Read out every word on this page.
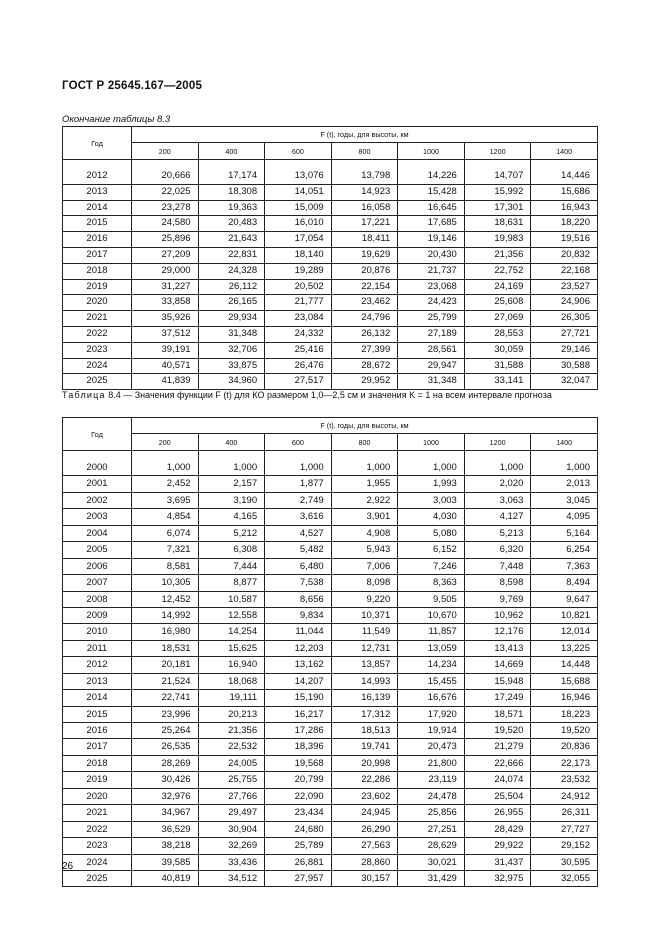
ГОСТ Р 25645.167—2005
Окончание таблицы 8.3
Год	F (t), годы, для высоты, км						
	200	400	600	800	1000	1200	1400

2012	20,666	17,174	13,076	13,798	14,226	14,707	14,446
2013	22,025	18,308	14,051	14,923	15,428	15,992	15,686
2014	23,278	19,363	15,009	16,058	16,645	17,301	16,943
2015	24,580	20,483	16,010	17,221	17,685	18,631	18,220
2016	25,896	21,643	17,054	18,411	19,146	19,983	19,516
2017	27,209	22,831	18,140	19,629	20,430	21,356	20,832
2018	29,000	24,328	19,289	20,876	21,737	22,752	22,168
2019	31,227	26,112	20,502	22,154	23,068	24,169	23,527
2020	33,858	26,165	21,777	23,462	24,423	25,608	24,906
2021	35,926	29,934	23,084	24,796	25,799	27,069	26,305
2022	37,512	31,348	24,332	26,132	27,189	28,553	27,721
2023	39,191	32,706	25,416	27,399	28,561	30,059	29,146
2024	40,571	33,875	26,476	28,672	29,947	31,588	30,588
2025	41,839	34,960	27,517	29,952	31,348	33,141	32,047
Таблица 8.4 — Значения функции F (t) для КО размером 1,0—2,5 см и значения K = 1 на всем интервале прогноза
Год	F (t), годы, для высоты, км						
	200	400	600	800	1000	1200	1400

2000	1,000	1,000	1,000	1,000	1,000	1,000	1,000
2001	2,452	2,157	1,877	1,955	1,993	2,020	2,013
2002	3,695	3,190	2,749	2,922	3,003	3,063	3,045
2003	4,854	4,165	3,616	3,901	4,030	4,127	4,095
2004	6,074	5,212	4,527	4,908	5,080	5,213	5,164
2005	7,321	6,308	5,482	5,943	6,152	6,320	6,254
2006	8,581	7,444	6,480	7,006	7,246	7,448	7,363
2007	10,305	8,877	7,538	8,098	8,363	8,598	8,494
2008	12,452	10,587	8,656	9,220	9,505	9,769	9,647
2009	14,992	12,558	9,834	10,371	10,670	10,962	10,821
2010	16,980	14,254	11,044	11,549	11,857	12,176	12,014
2011	18,531	15,625	12,203	12,731	13,059	13,413	13,225
2012	20,181	16,940	13,162	13,857	14,234	14,669	14,448
2013	21,524	18,068	14,207	14,993	15,455	15,948	15,688
2014	22,741	19,111	15,190	16,139	16,676	17,249	16,946
2015	23,996	20,213	16,217	17,312	17,920	18,571	18,223
2016	25,264	21,356	17,286	18,513	19,914	19,520	19,520
2017	26,535	22,532	18,396	19,741	20,473	21,279	20,836
2018	28,269	24,005	19,568	20,998	21,800	22,666	22,173
2019	30,426	25,755	20,799	22,286	23,119	24,074	23,532
2020	32,976	27,766	22,090	23,602	24,478	25,504	24,912
2021	34,967	29,497	23,434	24,945	25,856	26,955	26,311
2022	36,529	30,904	24,680	26,290	27,251	28,429	27,727
2023	38,218	32,269	25,789	27,563	28,629	29,922	29,152
2024	39,585	33,436	26,881	28,860	30,021	31,437	30,595
2025	40,819	34,512	27,957	30,157	31,429	32,975	32,055
26
